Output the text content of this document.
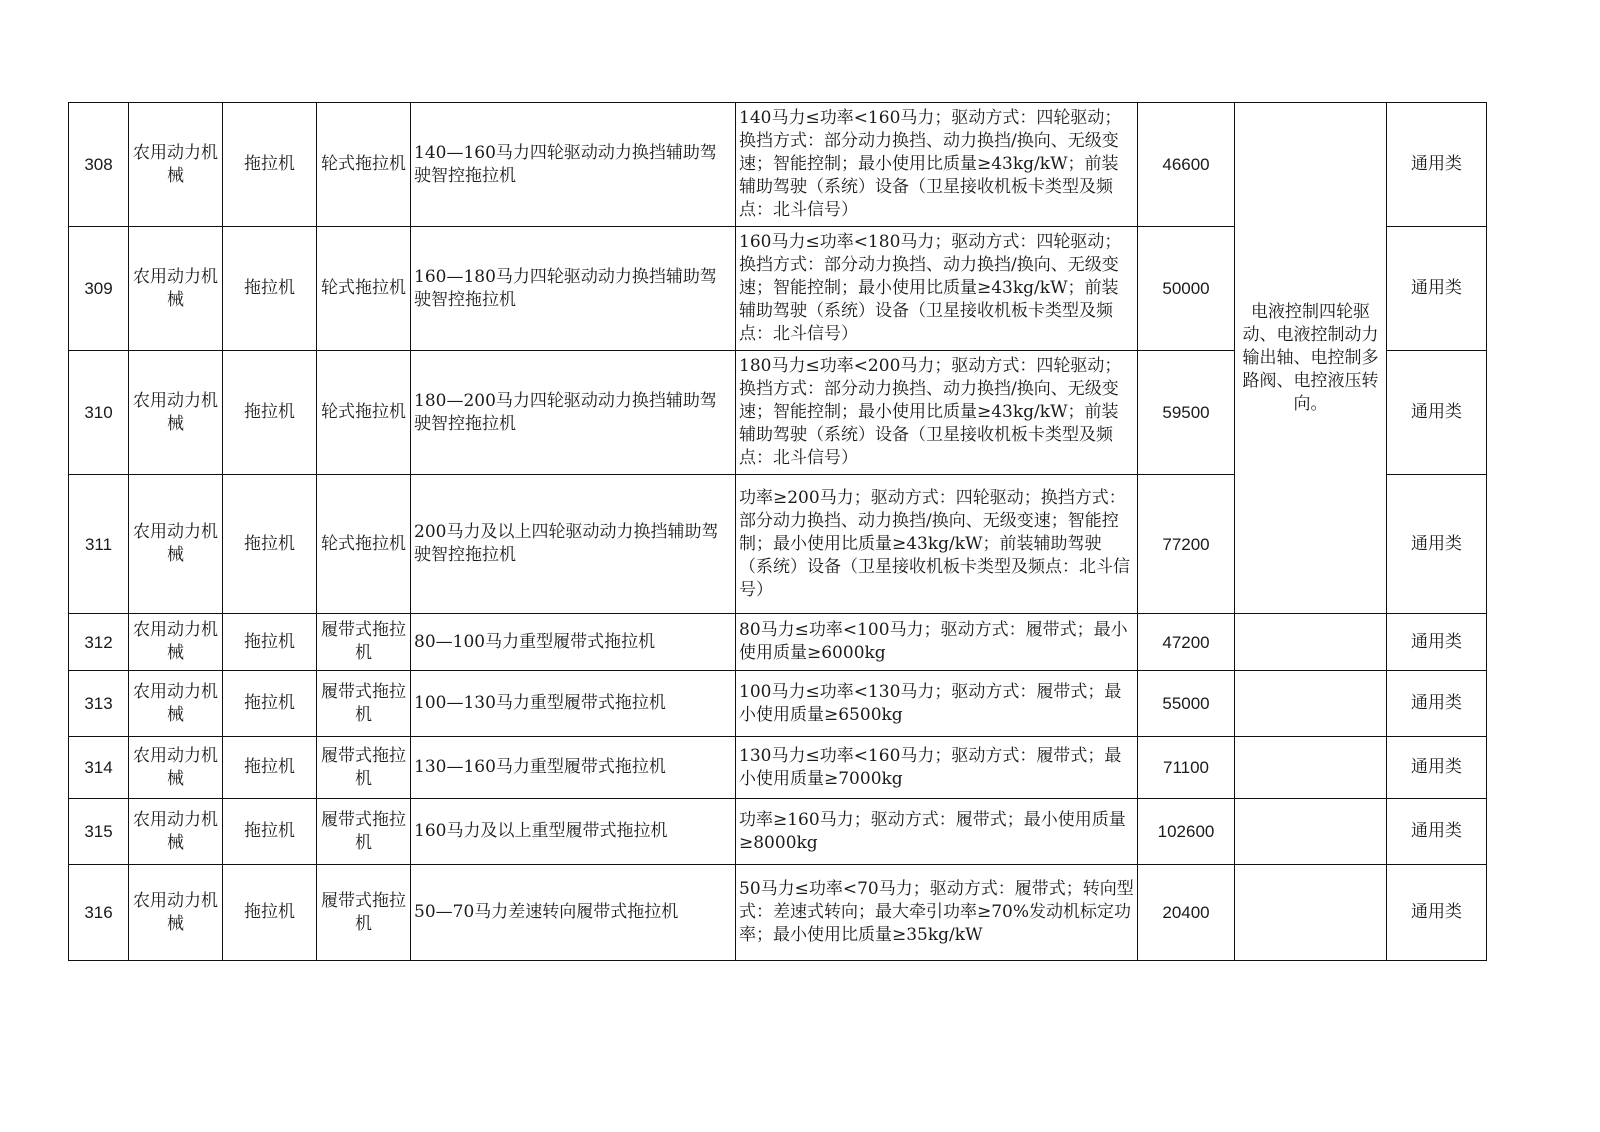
308	农用动力机械	拖拉机	轮式拖拉机	140—160马力四轮驱动动力换挡辅助驾驶智控拖拉机	140马力≤功率<160马力；驱动方式：四轮驱动；换挡方式：部分动力换挡、动力换挡/换向、无级变速；智能控制；最小使用比质量≥43kg/kW；前装辅助驾驶（系统）设备（卫星接收机板卡类型及频点：北斗信号）	46600	电液控制四轮驱动、电液控制动力输出轴、电控制多路阀、电控液压转向。	通用类
309	农用动力机械	拖拉机	轮式拖拉机	160—180马力四轮驱动动力换挡辅助驾驶智控拖拉机	160马力≤功率<180马力；驱动方式：四轮驱动；换挡方式：部分动力换挡、动力换挡/换向、无级变速；智能控制；最小使用比质量≥43kg/kW；前装辅助驾驶（系统）设备（卫星接收机板卡类型及频点：北斗信号）	50000		通用类
310	农用动力机械	拖拉机	轮式拖拉机	180—200马力四轮驱动动力换挡辅助驾驶智控拖拉机	180马力≤功率<200马力；驱动方式：四轮驱动；换挡方式：部分动力换挡、动力换挡/换向、无级变速；智能控制；最小使用比质量≥43kg/kW；前装辅助驾驶（系统）设备（卫星接收机板卡类型及频点：北斗信号）	59500		通用类
311	农用动力机械	拖拉机	轮式拖拉机	200马力及以上四轮驱动动力换挡辅助驾驶智控拖拉机	功率≥200马力；驱动方式：四轮驱动；换挡方式：部分动力换挡、动力换挡/换向、无级变速；智能控制；最小使用比质量≥43kg/kW；前装辅助驾驶（系统）设备（卫星接收机板卡类型及频点：北斗信号）	77200		通用类
312	农用动力机械	拖拉机	履带式拖拉机	80—100马力重型履带式拖拉机	80马力≤功率<100马力；驱动方式：履带式；最小使用质量≥6000kg	47200		通用类
313	农用动力机械	拖拉机	履带式拖拉机	100—130马力重型履带式拖拉机	100马力≤功率<130马力；驱动方式：履带式；最小使用质量≥6500kg	55000		通用类
314	农用动力机械	拖拉机	履带式拖拉机	130—160马力重型履带式拖拉机	130马力≤功率<160马力；驱动方式：履带式；最小使用质量≥7000kg	71100		通用类
315	农用动力机械	拖拉机	履带式拖拉机	160马力及以上重型履带式拖拉机	功率≥160马力；驱动方式：履带式；最小使用质量≥8000kg	102600		通用类
316	农用动力机械	拖拉机	履带式拖拉机	50—70马力差速转向履带式拖拉机	50马力≤功率<70马力；驱动方式：履带式；转向型式：差速式转向；最大牵引功率≥70%发动机标定功率；最小使用比质量≥35kg/kW	20400		通用类
